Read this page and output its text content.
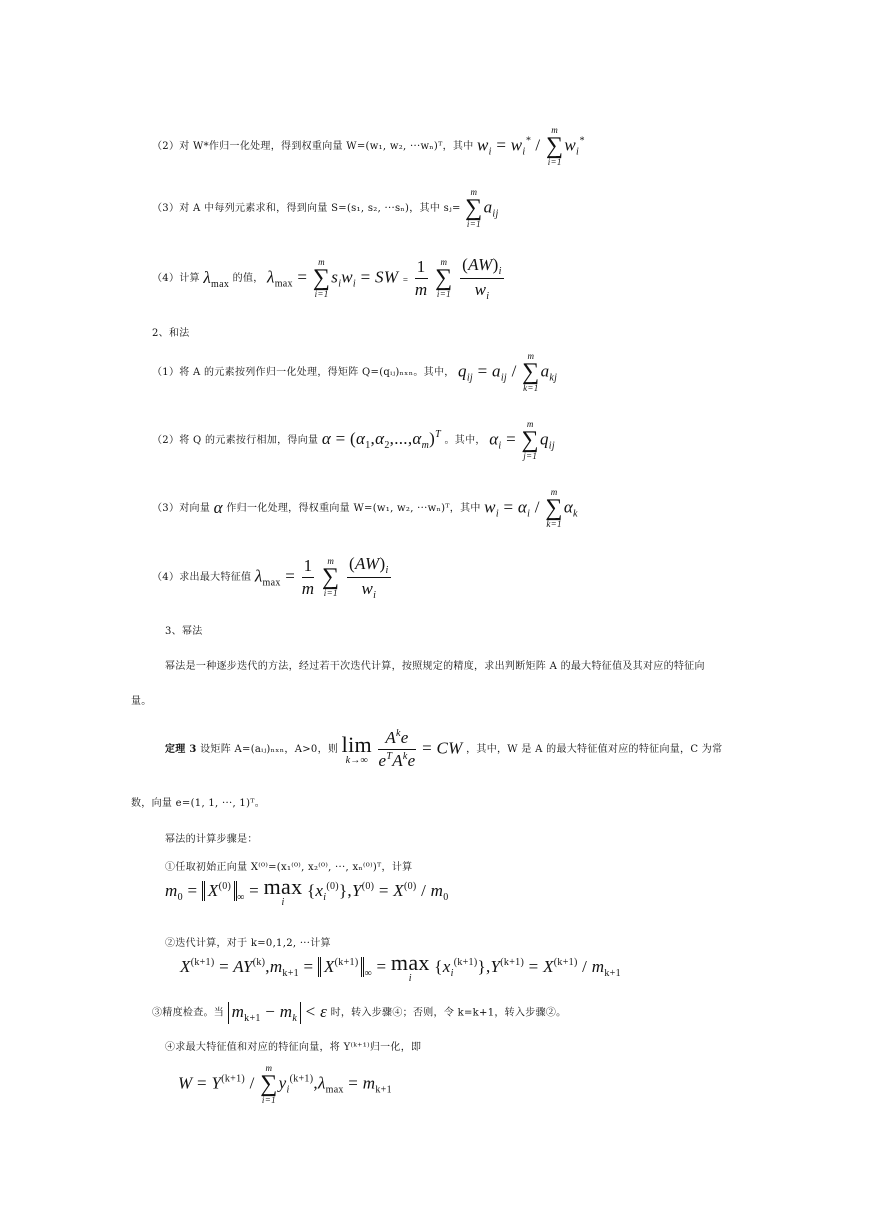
（2）对 W*作归一化处理，得到权重向量 W=(w₁, w₂, ···wₙ)ᵀ，其中 $w_i = w_i^*$ /
m
∑
i=1
$w_i^*$
（3）对 A 中每列元素求和，得到向量 S=(s₁, s₂, ···sₙ)，其中 sⱼ=
m
∑
i=1
$a_{ij}$
（4）计算 $\lambda_{max}$ 的值， $\lambda_{max}$ =
m
∑
i=1
$s_iw_i$ = SW = $\frac{1}{m}$
	m
∑
i=1
$\frac{(AW)_i}{w_i}$
2、和法
（1）将 A 的元素按列作归一化处理，得矩阵 Q=(qᵢⱼ)ₙₓₙ。其中， $q_{ij} = a_{ij}$ /
m
∑
k=1
$a_{kj}$
（2）将 Q 的元素按行相加，得向量 $\alpha = (\alpha_1,\alpha_2,...,\alpha_m)^T$ 。其中， $\alpha_i$ =
m
∑
j=1
$q_{ij}$
（3）对向量 α 作归一化处理，得权重向量 W=(w₁, w₂, ···wₙ)ᵀ，其中 $w_i = \alpha_i$ /
m
∑
k=1
$\alpha_k$
（4）求出最大特征值 $\lambda_{max} = \frac{1}{m}$
	m
∑
i=1
$\frac{(AW)_i}{w_i}$
3、幂法
幂法是一种逐步迭代的方法，经过若干次迭代计算，按照规定的精度，求出判断矩阵 A 的最大特征值及其对应的特征向
量。
定理 3 设矩阵 A=(aᵢⱼ)ₙₓₙ，A>0，则 lim
k→∞
$\frac{A^ke}{e^TA^ke}$ = CW ，其中，W 是 A 的最大特征值对应的特征向量，C 为常
数，向量 e=(1, 1, ···, 1)ᵀ。
幂法的计算步骤是：
①任取初始正向量 X⁽⁰⁾=(x₁⁽⁰⁾, x₂⁽⁰⁾, ···, xₙ⁽⁰⁾)ᵀ，计算
$m_0 = X^{(0)}_\infty = \max$
i
$\{x_i^{(0)}\},Y^{(0)} = X^{(0)} / m_0$
②迭代计算，对于 k=0,1,2, ···计算
$X^{(k+1)} = AY^{(k)},m_{k+1} = X^{(k+1)}_\infty = \max$
i
$\{x_i^{(k+1)}\},Y^{(k+1)} = X^{(k+1)} / m_{k+1}$
③精度检查。当 $m_{k+1} - m_k < \varepsilon$ 时，转入步骤④；否则，令 k=k+1，转入步骤②。
④求最大特征值和对应的特征向量，将 Y⁽ᵏ⁺¹⁾归一化，即
$W = Y^{(k+1)}$ /
m
∑
i=1
$y_i^{(k+1)},\lambda_{max} = m_{k+1}$
